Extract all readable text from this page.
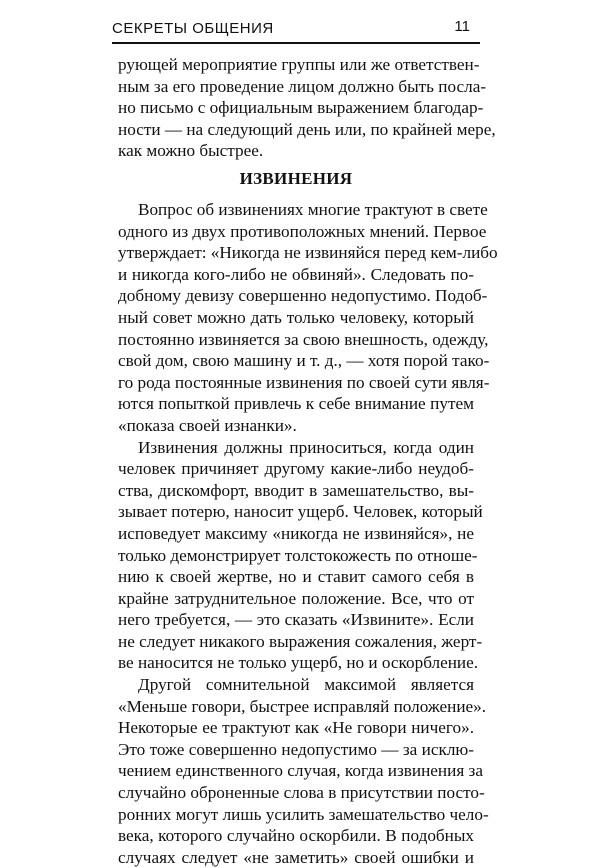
СЕКРЕТЫ ОБЩЕНИЯ	11
рующей мероприятие группы или же ответствен-
ным за его проведение лицом должно быть посла-
но письмо с официальным выражением благодар-
ности — на следующий день или, по крайней мере,
как можно быстрее.
ИЗВИНЕНИЯ
Вопрос об извинениях многие трактуют в свете
одного из двух противоположных мнений. Первое
утверждает: «Никогда не извиняйся перед кем-либо
и никогда кого-либо не обвиняй». Следовать по-
добному девизу совершенно недопустимо. Подоб-
ный совет можно дать только человеку, который
постоянно извиняется за свою внешность, одежду,
свой дом, свою машину и т. д., — хотя порой тако-
го рода постоянные извинения по своей сути явля-
ются попыткой привлечь к себе внимание путем
«показа своей изнанки».
Извинения должны приноситься, когда один
человек причиняет другому какие-либо неудоб-
ства, дискомфорт, вводит в замешательство, вы-
зывает потерю, наносит ущерб. Человек, который
исповедует максиму «никогда не извиняйся», не
только демонстрирует толстокожесть по отноше-
нию к своей жертве, но и ставит самого себя в
крайне затруднительное положение. Все, что от
него требуется, — это сказать «Извините». Если
не следует никакого выражения сожаления, жерт-
ве наносится не только ущерб, но и оскорбление.
Другой сомнительной максимой является
«Меньше говори, быстрее исправляй положение».
Некоторые ее трактуют как «Не говори ничего».
Это тоже совершенно недопустимо — за исклю-
чением единственного случая, когда извинения за
случайно оброненные слова в присутствии посто-
ронних могут лишь усилить замешательство чело-
века, которого случайно оскорбили. В подобных
случаях следует «не заметить» своей ошибки и
